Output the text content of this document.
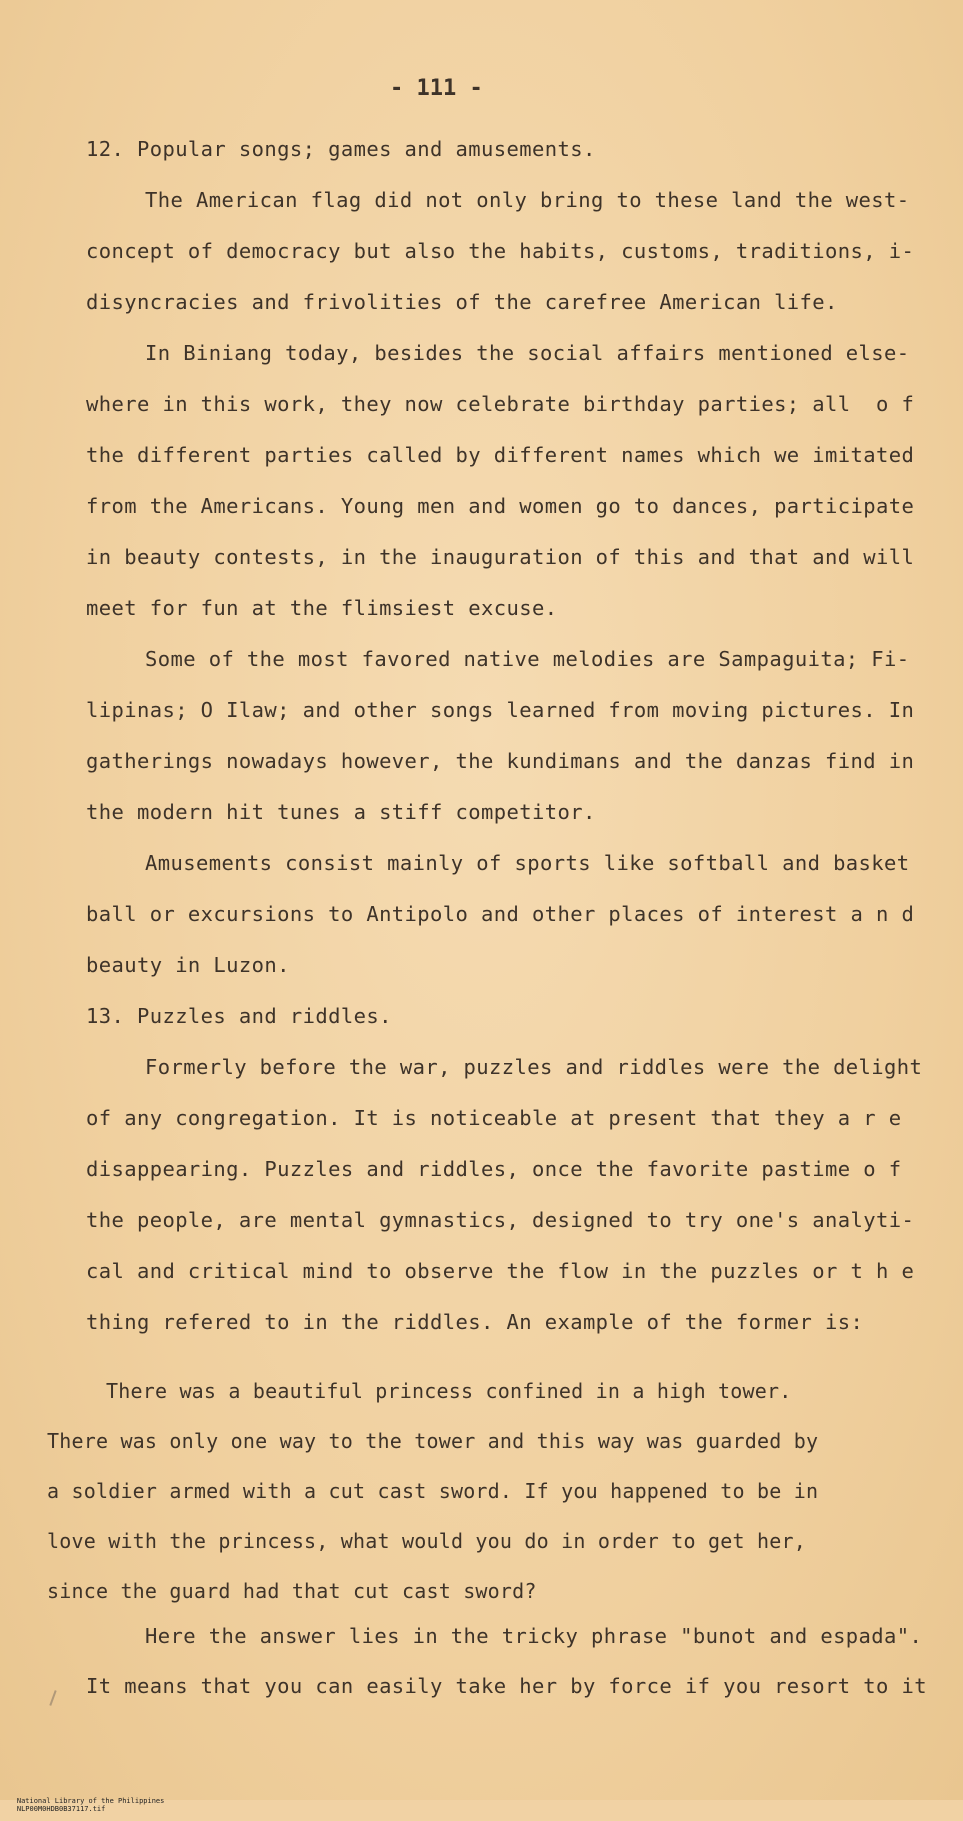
- 111 -
12. Popular songs; games and amusements.
The American flag did not only bring to these land the west-
concept of democracy but also the habits, customs, traditions, i-
disyncracies and frivolities of the carefree American life.
In Biniang today, besides the social affairs mentioned else-
where in this work, they now celebrate birthday parties; all  o f
the different parties called by different names which we imitated
from the Americans. Young men and women go to dances, participate
in beauty contests, in the inauguration of this and that and will
meet for fun at the flimsiest excuse.
Some of the most favored native melodies are Sampaguita; Fi-
lipinas; O Ilaw; and other songs learned from moving pictures. In
gatherings nowadays however, the kundimans and the danzas find in
the modern hit tunes a stiff competitor.
Amusements consist mainly of sports like softball and basket
ball or excursions to Antipolo and other places of interest a n d
beauty in Luzon.
13. Puzzles and riddles.
Formerly before the war, puzzles and riddles were the delight
of any congregation. It is noticeable at present that they a r e
disappearing. Puzzles and riddles, once the favorite pastime o f
the people, are mental gymnastics, designed to try one's analyti-
cal and critical mind to observe the flow in the puzzles or t h e
thing refered to in the riddles. An example of the former is:
There was a beautiful princess confined in a high tower.
There was only one way to the tower and this way was guarded by
a soldier armed with a cut cast sword. If you happened to be in
love with the princess, what would you do in order to get her,
since the guard had that cut cast sword?
Here the answer lies in the tricky phrase "bunot and espada".
It means that you can easily take her by force if you resort to it

National Library of the Philippines
NLP00M0HDB0B37117.tif
